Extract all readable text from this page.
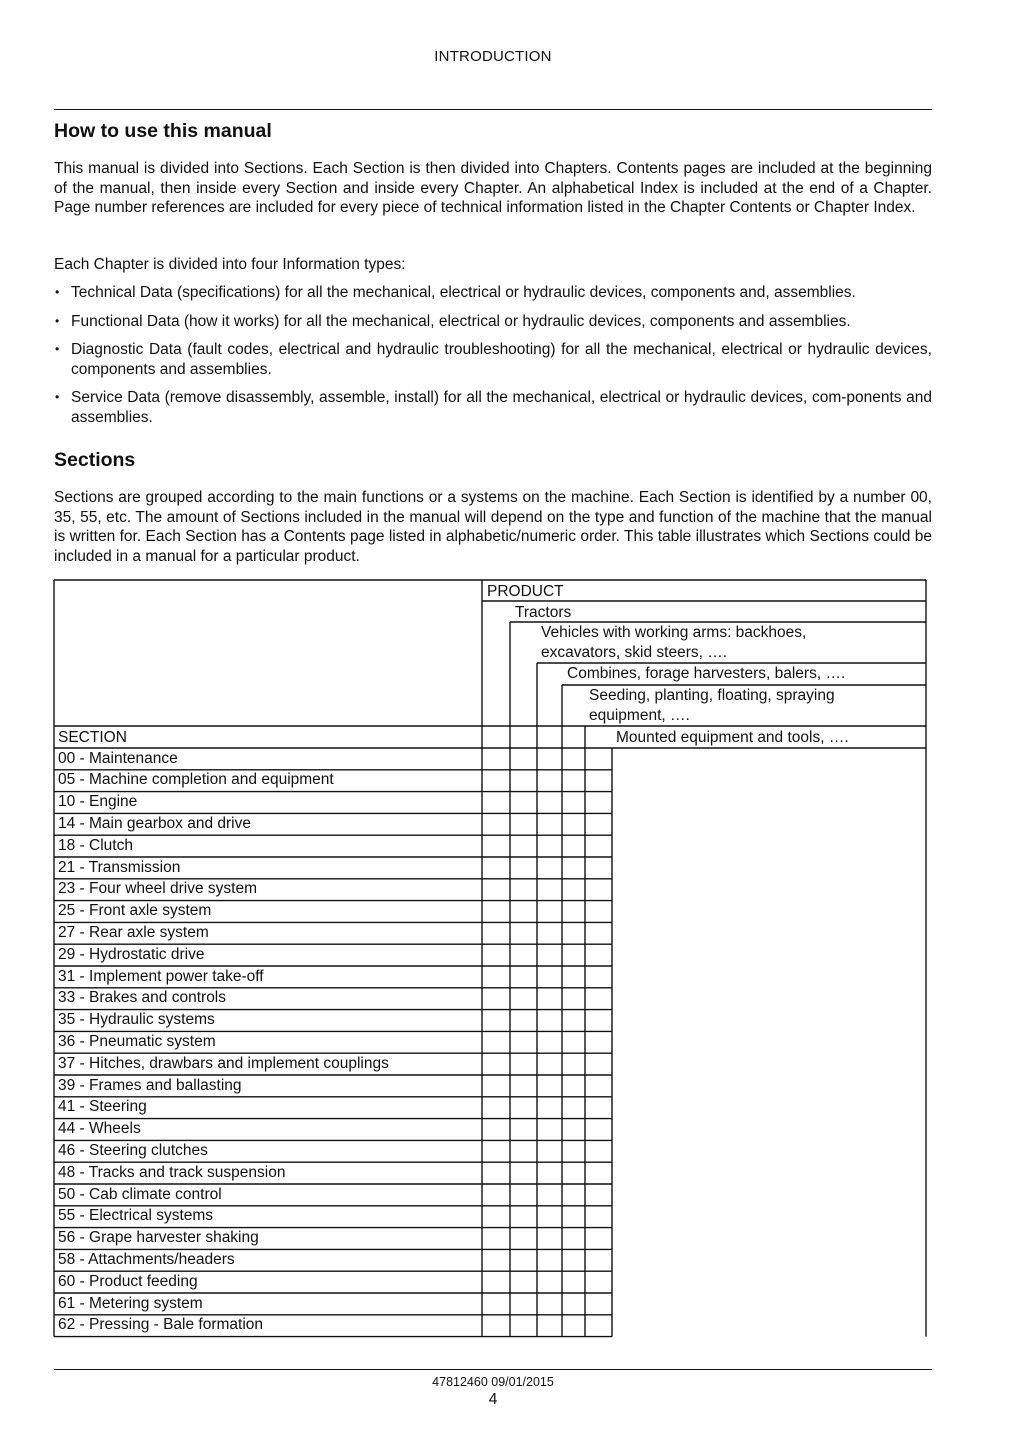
INTRODUCTION
How to use this manual

This manual is divided into Sections. Each Section is then divided into Chapters. Contents pages are included at the beginning of the manual, then inside every Section and inside every Chapter. An alphabetical Index is included at the end of a Chapter. Page number references are included for every piece of technical information listed in the Chapter Contents or Chapter Index.

Each Chapter is divided into four Information types:

• Technical Data (specifications) for all the mechanical, electrical or hydraulic devices, components and, assemblies.
• Functional Data (how it works) for all the mechanical, electrical or hydraulic devices, components and assemblies.
• Diagnostic Data (fault codes, electrical and hydraulic troubleshooting) for all the mechanical, electrical or hydraulic devices, components and assemblies.
• Service Data (remove disassembly, assemble, install) for all the mechanical, electrical or hydraulic devices, com-ponents and assemblies.
Sections

Sections are grouped according to the main functions or a systems on the machine. Each Section is identified by a number 00, 35, 55, etc. The amount of Sections included in the manual will depend on the type and function of the machine that the manual is written for. Each Section has a Contents page listed in alphabetic/numeric order. This table illustrates which Sections could be included in a manual for a particular product.

PRODUCT
Tractors
Vehicles with working arms: backhoes, excavators, skid steers, ….
Combines, forage harvesters, balers, ….
Seeding, planting, floating, spraying equipment, ….
Mounted equipment and tools, ….
SECTION
00 - Maintenance
05 - Machine completion and equipment
10 - Engine
14 - Main gearbox and drive
18 - Clutch
21 - Transmission
23 - Four wheel drive system
25 - Front axle system
27 - Rear axle system
29 - Hydrostatic drive
31 - Implement power take-off
33 - Brakes and controls
35 - Hydraulic systems
36 - Pneumatic system
37 - Hitches, drawbars and implement couplings
39 - Frames and ballasting
41 - Steering
44 - Wheels
46 - Steering clutches
48 - Tracks and track suspension
50 - Cab climate control
55 - Electrical systems
56 - Grape harvester shaking
58 - Attachments/headers
60 - Product feeding
61 - Metering system
62 - Pressing - Bale formation
47812460 09/01/2015
4
